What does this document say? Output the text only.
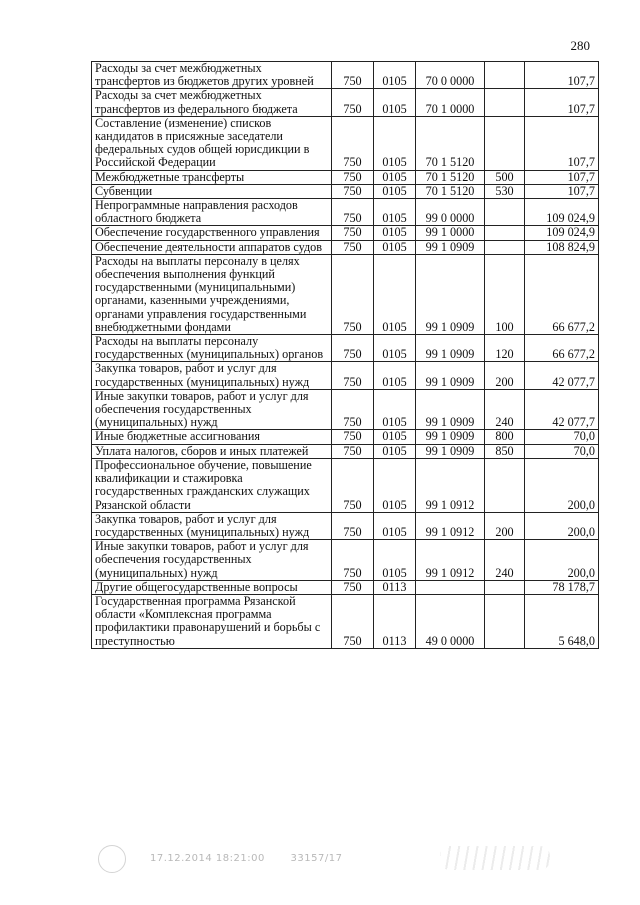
280
Расходы за счет межбюджетных трансфертов из бюджетов других уровней	750	0105	70 0 0000		107,7
Расходы за счет межбюджетных трансфертов из федерального бюджета	750	0105	70 1 0000		107,7
Составление (изменение) списков кандидатов в присяжные заседатели федеральных судов общей юрисдикции в Российской Федерации	750	0105	70 1 5120		107,7
Межбюджетные трансферты	750	0105	70 1 5120	500	107,7
Субвенции	750	0105	70 1 5120	530	107,7
Непрограммные направления расходов областного бюджета	750	0105	99 0 0000		109 024,9
Обеспечение государственного управления	750	0105	99 1 0000		109 024,9
Обеспечение деятельности аппаратов судов	750	0105	99 1 0909		108 824,9
Расходы на выплаты персоналу в целях обеспечения выполнения функций государственными (муниципальными) органами, казенными учреждениями, органами управления государственными внебюджетными фондами	750	0105	99 1 0909	100	66 677,2
Расходы на выплаты персоналу государственных (муниципальных) органов	750	0105	99 1 0909	120	66 677,2
Закупка товаров, работ и услуг для государственных (муниципальных) нужд	750	0105	99 1 0909	200	42 077,7
Иные закупки товаров, работ и услуг для обеспечения государственных (муниципальных) нужд	750	0105	99 1 0909	240	42 077,7
Иные бюджетные ассигнования	750	0105	99 1 0909	800	70,0
Уплата налогов, сборов и иных платежей	750	0105	99 1 0909	850	70,0
Профессиональное обучение, повышение квалификации и стажировка государственных гражданских служащих Рязанской области	750	0105	99 1 0912		200,0
Закупка товаров, работ и услуг для государственных (муниципальных) нужд	750	0105	99 1 0912	200	200,0
Иные закупки товаров, работ и услуг для обеспечения государственных (муниципальных) нужд	750	0105	99 1 0912	240	200,0
Другие общегосударственные вопросы	750	0113			78 178,7
Государственная программа Рязанской области «Комплексная программа профилактики правонарушений и борьбы с преступностью	750	0113	49 0 0000		5 648,0
17.12.2014 18:21:00	33157/17
